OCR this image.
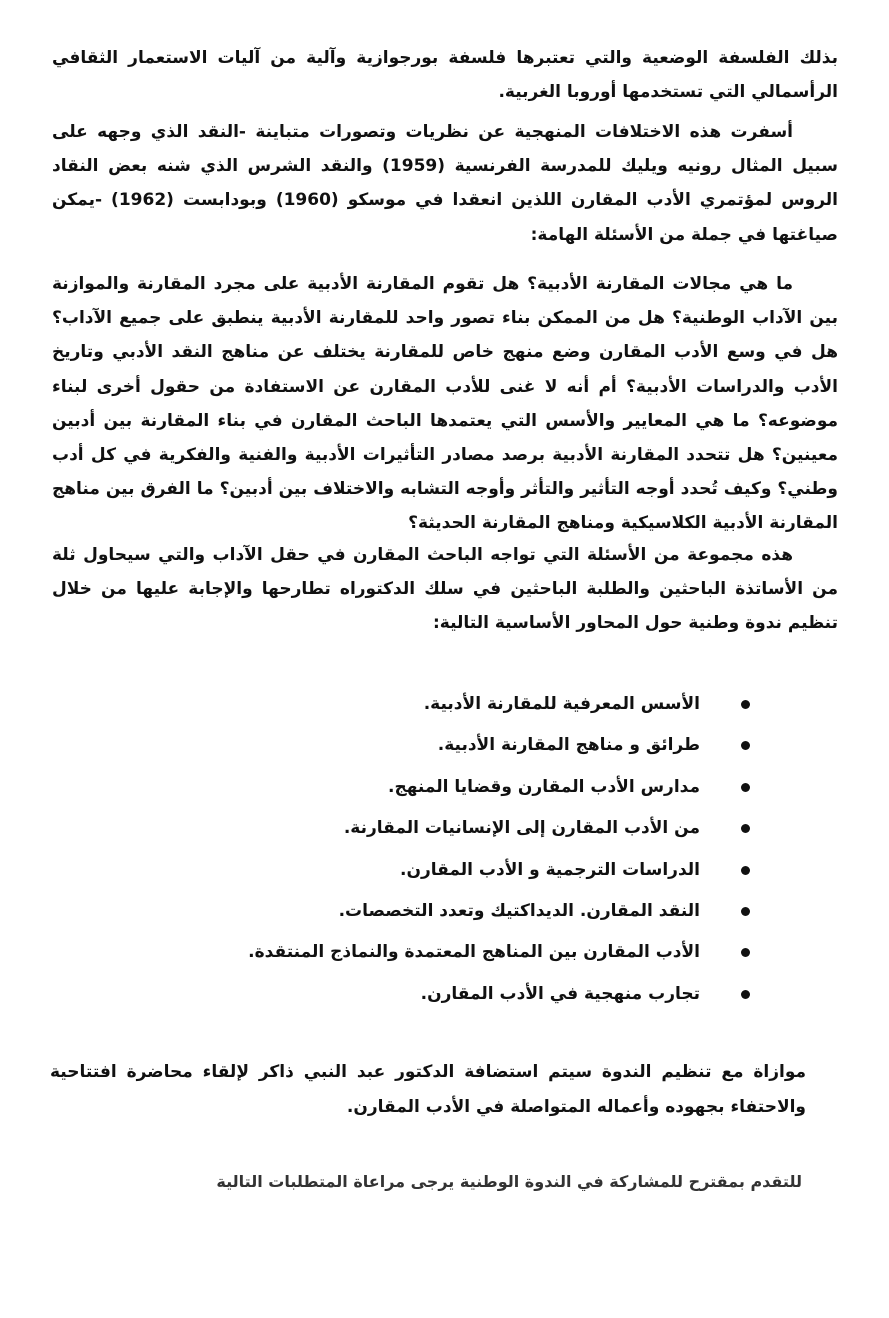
بذلك الفلسفة الوضعية والتي تعتبرها فلسفة بورجوازية وآلية من آليات الاستعمار الثقافي الرأسمالي التي تستخدمها أوروبا الغربية.
أسفرت هذه الاختلافات المنهجية عن نظريات وتصورات متباينة -النقد الذي وجهه على سبيل المثال رونيه ويليك للمدرسة الفرنسية (1959) والنقد الشرس الذي شنه بعض النقاد الروس لمؤتمري الأدب المقارن اللذين انعقدا في موسكو (1960) وبودابست (1962) -يمكن صياغتها في جملة من الأسئلة الهامة:
ما هي مجالات المقارنة الأدبية؟ هل تقوم المقارنة الأدبية على مجرد المقارنة والموازنة بين الآداب الوطنية؟ هل من الممكن بناء تصور واحد للمقارنة الأدبية ينطبق على جميع الآداب؟ هل في وسع الأدب المقارن وضع منهج خاص للمقارنة يختلف عن مناهج النقد الأدبي وتاريخ الأدب والدراسات الأدبية؟ أم أنه لا غنى للأدب المقارن عن الاستفادة من حقول أخرى لبناء موضوعه؟ ما هي المعايير والأسس التي يعتمدها الباحث المقارن في بناء المقارنة بين أدبين معينين؟ هل تتحدد المقارنة الأدبية برصد مصادر التأثيرات الأدبية والفنية والفكرية في كل أدب وطني؟ وكيف تُحدد أوجه التأثير والتأثر وأوجه التشابه والاختلاف بين أدبين؟ ما الفرق بين مناهج المقارنة الأدبية الكلاسيكية ومناهج المقارنة الحديثة؟
هذه مجموعة من الأسئلة التي تواجه الباحث المقارن في حقل الآداب والتي سيحاول ثلة من الأساتذة الباحثين والطلبة الباحثين في سلك الدكتوراه تطارحها والإجابة عليها من خلال تنظيم ندوة وطنية حول المحاور الأساسية التالية:
الأسس المعرفية للمقارنة الأدبية.
طرائق و مناهج المقارنة الأدبية.
مدارس الأدب المقارن وقضايا المنهج.
من الأدب المقارن إلى الإنسانيات المقارنة.
الدراسات الترجمية و الأدب المقارن.
النقد المقارن. الديداكتيك وتعدد التخصصات.
الأدب المقارن بين المناهج المعتمدة والنماذج المنتقدة.
تجارب منهجية في الأدب المقارن.
موازاة مع تنظيم الندوة سيتم استضافة الدكتور عبد النبي ذاكر لإلقاء محاضرة افتتاحية والاحتفاء بجهوده وأعماله المتواصلة في الأدب المقارن.
للتقدم بمقترح للمشاركة في الندوة الوطنية يرجى مراعاة المتطلبات التالية
